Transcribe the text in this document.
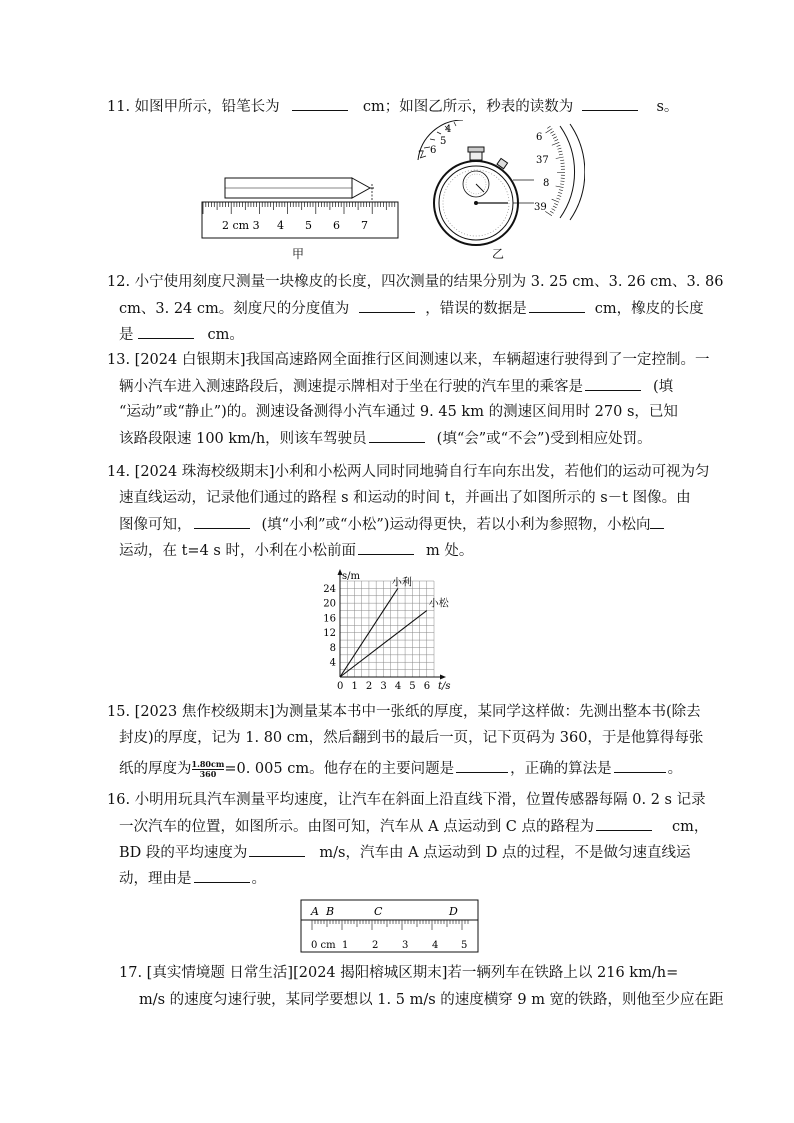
11. 如图甲所示，铅笔长为	cm；如图乙所示，秒表的读数为	s。
2 cm 3 4 5 6 7
甲
4
5
6
7
6
37
8
39
乙
12. 小宁使用刻度尺测量一块橡皮的长度，四次测量的结果分别为 3. 25 cm、3. 26 cm、3. 86
cm、3. 24 cm。刻度尺的分度值为	，错误的数据是	cm，橡皮的长度
是	cm。
13. [2024 白银期末]我国高速路网全面推行区间测速以来，车辆超速行驶得到了一定控制。一
辆小汽车进入测速路段后，测速提示牌相对于坐在行驶的汽车里的乘客是	(填
“运动”或“静止”)的。测速设备测得小汽车通过 9. 45 km 的测速区间用时 270 s，已知
该路段限速 100 km/h，则该车驾驶员	(填“会”或“不会”)受到相应处罚。
14. [2024 珠海校级期末]小利和小松两人同时同地骑自行车向东出发，若他们的运动可视为匀
速直线运动，记录他们通过的路程 s 和运动的时间 t，并画出了如图所示的 s－t 图像。由
图像可知，	(填“小利”或“小松”)运动得更快，若以小利为参照物，小松向
运动，在 t=4 s 时，小利在小松前面	m 处。
0 1 2 3 4 5 6
4
8
12
16
20
24
t/s
s/m
小利
小松
15. [2023 焦作校级期末]为测量某本书中一张纸的厚度，某同学这样做：先测出整本书(除去
封皮)的厚度，记为 1. 80 cm，然后翻到书的最后一页，记下页码为 360，于是他算得每张
纸的厚度为 $\frac{1.80cm}{360} =0$. 005 cm。他存在的主要问题是	，正确的算法是	。
16. 小明用玩具汽车测量平均速度，让汽车在斜面上沿直线下滑，位置传感器每隔 0. 2 s 记录
一次汽车的位置，如图所示。由图可知，汽车从 A 点运动到 C 点的路程为	cm，
BD 段的平均速度为	m/s，汽车由 A 点运动到 D 点的过程，不是做匀速直线运
动，理由是	。
A B	C	D
0 cm 1 2 3 4 5
17. [真实情境题 日常生活][2024 揭阳榕城区期末]若一辆列车在铁路上以 216 km/h=
m/s 的速度匀速行驶，某同学要想以 1. 5 m/s 的速度横穿 9 m 宽的铁路，则他至少应在距
